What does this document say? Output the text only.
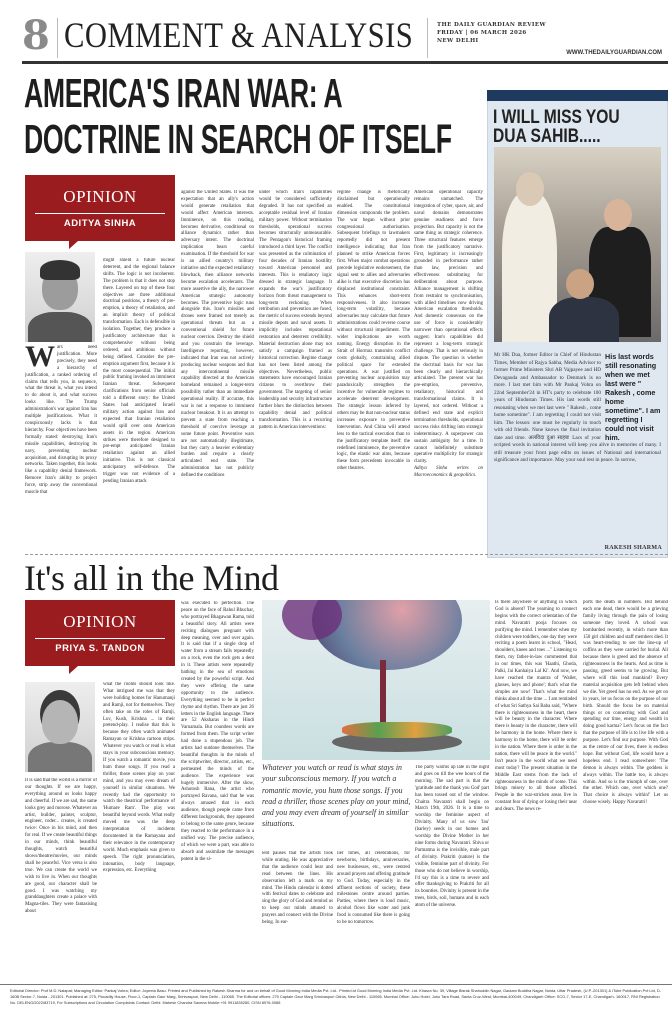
8 COMMENT & ANALYSIS	THE DAILY GUARDIAN REVIEW
FRIDAY | 06 MARCH 2026
NEW DELHI
WWW.THEDAILYGUARDIAN.COM
AMERICA'S IRAN WAR: A DOCTRINE IN SEARCH OF ITSELF
OPINION
ADITYA SINHA
Wars need justification. More precisely, they need a hierarchy of justification, a ranked ordering of claims that tells you, in sequence, what the threat is, what you intend to do about it, and what success looks like. The Trump administration's war against Iran has multiple justifications. What it conspicuously lacks is that hierarchy. Four objectives have been formally stated: destroying Iran's missile capabilities, destroying its navy, preventing nuclear acquisition, and disrupting its proxy networks. Taken together, this looks like a capability denial framework. Remove Iran's ability to project force, strip away the conventional muscle that
might shield a future nuclear deterrent, and the regional balance shifts. The logic is not incoherent. The problem is that it does not stop there. Layered on top of these four objectives are three additional doctrinal positions, a theory of pre-emption, a theory of retaliation, and an implicit theory of political transformation. Each is defensible in isolation. Together, they produce a justificatory architecture that is comprehensive without being ordered, and ambitious without being defined. Consider the pre-emption argument first, because it is the most consequential. The initial public framing invoked an imminent Iranian threat. Subsequent clarifications from senior officials told a different story: the United States had anticipated Israeli military action against Iran and expected that Iranian retaliation would spill over onto American assets in the region. American strikes were therefore designed to pre-empt anticipated Iranian retaliation against an allied initiative. This is not classical anticipatory self-defence. The trigger was not evidence of a pending Iranian attack
against the United States. It was the expectation that an ally's action would generate retaliation that would affect American interests. Imminence, on this reading, becomes derivative, conditional on alliance dynamics rather than adversary intent. The doctrinal implication bears careful examination. If the threshold for war is an allied country's military initiative and the expected retaliatory blowback, then alliance networks become escalation accelerants. The more assertive the ally, the narrower American strategic autonomy becomes. The preventive logic runs alongside this. Iran's missiles and drones were framed not merely as operational threats but as a conventional shield for future nuclear coercion. Destroy the shield and you constrain the leverage. Intelligence reporting, however, indicated that Iran was not actively producing nuclear weapons and that any intercontinental missile capability directed at the American homeland remained a longer-term possibility rather than an immediate operational reality. If accurate, this war is not a response to imminent nuclear breakout. It is an attempt to prevent a state from reaching a threshold of coercive leverage at some future point. Preventive wars are not automatically illegitimate, but they carry a heavier evidentiary burden and require a clearly articulated end state. The administration has not publicly defined the conditions
under which Iran's capabilities would be considered sufficiently degraded. It has not specified an acceptable residual level of Iranian military power. Without termination thresholds, operational success becomes structurally unmeasurable. The Pentagon's historical framing introduced a third layer. The conflict was presented as the culmination of four decades of Iranian hostility toward American personnel and interests. This is retaliatory logic dressed in strategic language. It expands the war's justificatory horizon from threat management to long-term reckoning. When retribution and prevention are fused, the metric of success extends beyond missile depots and naval assets. It implicitly includes reputational restoration and deterrent credibility. Material destruction alone may not satisfy a campaign framed as historical correction. Regime change has not been listed among the objectives. Nevertheless, public statements have encouraged Iranian citizens to overthrow their government. The targeting of senior leadership and security infrastructure further blurs the distinction between capability denial and political transformation. This is a recurring pattern in American interventions:
regime change is rhetorically disclaimed but operationally enabled. The constitutional dimension compounds the problem. The war began without prior congressional authorisation. Subsequent briefings to lawmakers reportedly did not present intelligence indicating that Iran planned to strike American forces first. When major combat operations precede legislative endorsement, the signal sent to allies and adversaries alike is that executive discretion has displaced institutional constraint. This enhances short-term responsiveness. It also increases long-term volatility, because adversaries may calculate that future administrations could reverse course without structural impediment. The wider implications are worth naming. Energy disruption in the Strait of Hormuz transmits conflict costs globally, constraining allied political space for extended operations. A war justified on preventing nuclear acquisition may paradoxically strengthen the incentive for vulnerable regimes to accelerate deterrent development. The strategic lesson inferred by others may be that non-nuclear status increases exposure to preventive intervention. And China will attend less to the tactical execution than to the justificatory template itself: the redefined imminence, the preventive logic, the elastic war aims, because these form precedents invocable in other theatres.
American operational capacity remains unmatched. The integration of cyber, space, air, and naval domains demonstrates genuine readiness and force projection. But capacity is not the same thing as strategic coherence. Three structural features emerge from the justificatory narrative. First, legitimacy is increasingly grounded in performance rather than law, precision and effectiveness substituting for deliberation about purpose. Alliance management is shifting from restraint to synchronisation, with allied timelines now driving American escalation thresholds. And domestic consensus on the use of force is considerably narrower than operational effects suggest. Iran's capabilities did represent a long-term strategic challenge. That is not seriously in dispute. The question is whether the doctrinal basis for war has been clearly and hierarchically articulated. The present war has pre-emption, preventive, retaliatory, historical and transformational claims. It is layered, not ordered. Without a defined end state and explicit termination thresholds, operational success risks drifting into strategic indeterminacy. A superpower can sustain ambiguity for a time. It cannot indefinitely substitute operative multiplicity for strategic clarity.
Aditya Sinha writes on Macroeconomics & geopolitics.
I WILL MISS YOU DUA SAHIB.....
His last words still resonating when we met last were " Rakesh , come home sometime". I am regretting I could not visit him.
Mr HK Dua, former Editor in Chief of Hindustan Times, Member of Rajya Sabha, Media Advisor to former Prime Ministers Shri AB Vajpayee and HD Devagauda and Ambassador to Denmark is no more. I last met him with Mr Pankaj Vohra on 22nd September'24 in HT's party to celebrate 100 years of Hindustan Times. His last words still resonating when we met last were " Rakesh , come home sometime". I am regretting I could not visit him. The lesson: one must be regularly in touch with old friends. None knows the final invitation date and time. अलविदा दुआ साहब! Lacs of your scripted words in national interest will keep you alive in memories of many. I still treasure your front page edits on issues of National and international significance and importance. May your soul rest in peace. In sorrow,
RAKESH SHARMA
It's all in the Mind
OPINION
PRIYA S. TANDON
It is said that the world is a mirror of our thoughts. If we are happy, everything around us looks happy and cheerful. If we are sad, the same looks grey and morose. Whatever an artist, builder, painter, sculptor, engineer, coder... creates, is created twice: Once in his mind, and then for real. If we create beautiful things in our minds, think beautiful thoughts, watch beautiful shows/theatre/movies, our minds shall be peaceful. Vice versa is also true. We can create the world we wish to live in. When our thoughts are good, our character shall be good. I was watching my granddaughters create a palace with Magna-tiles. They were fantasising about
what the rooms should look like. What intrigued me was that they were building homes for Hanumanji and Ramji, not for themselves. They often take on the roles of Ramji, Luv, Kush, Krishna ... in their pretend-play. I realise that this is because they often watch animated Ramayan or Krishna cartoon strips. Whatever you watch or read is what stays in your subconscious memory. If you watch a romantic movie, you hum those songs. If you read a thriller, those scenes play on your mind, and you may even dream of yourself in similar situations. We recently had the opportunity to watch the theatrical performance of 'Humare Ram'. The play was beautiful beyond words. What really moved me was the deep interpretation of incidents documented in the Ramayana and their relevance in the contemporary world. Much emphasis was given to speech. The right pronunciation, intonation, body language, expression, etc. Everything
was executed to perfection. The peace on the face of Rahul Bhuchar, who portrayed Bhagawan Rama, told a beautiful story. All artists were reciting dialogues pregnant with deep meaning, over and over again. It is said that if a single drop of water from a stream falls repeatedly on a rock, even the rock gets a dent in it. These artists were repeatedly bathing in the sea of emotions created by the powerful script. And they were offering the same opportunity to the audience. Everything seemed to be in perfect rhyme and rhythm. There are just 26 letters in the English language. There are 52 Aksharas in the Hindi Varnamala. But countless words are formed from them. The script writer had done a stupendous job. The artists had outdone themselves. The beautiful thoughts in the minds of the scriptwriter, director, artists, etc., permeated the minds of the audience. The experience was hugely immersive. After the show, Ashutosh Rana, the artist who portrayed Ravana, said that he was always amazed that in each audience, though people came from different backgrounds, they appeared to belong to the same genre, because they reacted to the performance in a unified way. The precise audience, of which we were a part, was able to absorb and assimilate the messages potent in the si-
Whatever you watch or read is what stays in your subconscious memory. If you watch a romantic movie, you hum those songs. If you read a thriller, those scenes play on your mind, and you may even dream of yourself in similar situations.
lent pauses that the artists took while orating. He was appreciative that the audience could hear and read between the lines. His observation left a mark on my mind. The Hindu calendar is dotted with festival dates to celebrate and sing the glory of God and remind us to keep our minds attuned to prayers and connect with the Divine being. In ear-
lier times, all celebrations, for newborns, birthdays, anniversaries, new businesses, etc., were centred around prayers and offering gratitude to God. Today, especially in the affluent sections of society, these milestones centre around parties. Parties, where there is loud music, alcohol flows like water and junk food is consumed like there is going to be no tomorrow.
The party warms up late in the night and goes on till the wee hours of the morning. The sad part is that the 'gratitude and the thank you God' part has been tossed out of the window. Chaitra Navaratri shall begin on March 19th, 2026. It is a time to worship the feminine aspect of Divinity. Many of us sow 'Jau' (barley) seeds in our homes and worship the Divine Mother in her nine forms during Navaratri. Shiva or Parmatma is the invisible, male part of divinity. Prakriti (nature) is the visible, feminine part of divinity. For those who do not believe in worship, I'd say this is a time to revere and offer thanksgiving to Prakriti for all its bounties. Divinity is present in the trees, birds, soil, humans and in each atom of the universe.
Is there anywhere or anything in which God is absent? The yearning to connect begins with the correct orientation of the mind. Navaratri pooja focuses on purifying the mind. I remember when my children were toddlers, one day they were reciting a poem learnt in school, "Head, shoulders, knees and toes ..." Listening to them, my father-in-law commented that in our times, this was 'Haathi, Ghoda, Palki, Jai Kanhaiya Lal Ki'. And now, we have reached the mantra of 'Wallet, glasses, keys and phone'; that's what the simples are now! That's what the mind thinks about all the time ... I am reminded of what Sri Sathya Sai Baba said, "Where there is righteousness in the heart, there will be beauty in the character. Where there is beauty in the character, there will be harmony in the home. Where there is harmony in the home, there will be order in the nation. Where there is order in the nation, there will be peace in the world." Isn't peace in the world what we need most today? The present situation in the Middle East stems from the lack of righteousness in the minds of some. This brings misery to all those affected. People in the war-stricken areas live in constant fear of dying or losing their near and dears. The news re-
ports the death in numbers. But behind each one dead, there would be a grieving family living through the pain of losing someone they loved. A school was bombarded recently, in which more than 150 girl children and staff members died. It was heart-rending to see the line-up of coffins as they were carried for burial. All because there is greed and the absence of righteousness in the hearts. And as time is passing, greed seems to be growing. But where will this lead mankind? Every material acquisition gets left behind when we die. Yet greed has no end. As we get on in years, let us focus on the purpose of our birth. Should the focus be on material things or on connecting with God and spending our time, energy and wealth in doing good karma? Let's focus on the fact that the purpose of life is to live life with a purpose. Let's find our purpose. With God as the centre of our lives, there is endless hope. But without God, life would have a hopeless end. I read somewhere: 'The demon is always within. The goddess is always within. The battle too, is always within. And so is the triumph of one, over the other. Which one, over which one? That choice is always within!' Let us choose wisely. Happy Navaratri!
Editorial Director: Prof M.D. Nalapat; Managing Editor: Pankaj Vohra; Editor: Joyeeta Basu. Printed and Published by Rakesh Sharma for and on behalf of Good Morning India Media Pvt. Ltd.. Printed at Good Morning India Media Pvt. Ltd. Khasra No. 39, Village Bisrak Shahuddin Nagar, Gautam Buddha Nagar, Noida, Uttar Pradesh, (U.P.-201301) & iTobe Publication Pvt Ltd, D-160B Sector-7, Noida - 201301. Published at: 275, Piccadily House, Floor-1, Captain Gaur Marg, Srinivaspuri, New Delhi - 110065. The Editorial offices: 275 Captain Gaur Marg Srinivaspuri Okhla, New Delhi - 110065. Mumbai Office: Juhu Hotel, Juhu Tara Road, Santa Cruz-West, Mumbai-400049, Chandigarh Office: SCO-7, Sector 17-E, Chandigarh- 160017, RNI Registration No. DELENG/2022/83719, For Subscriptions and Circulation Complaints Contact: Delhi: Mahesh Chandra Saxena Mobile:+91 9911835280, CISN 8976-0088
